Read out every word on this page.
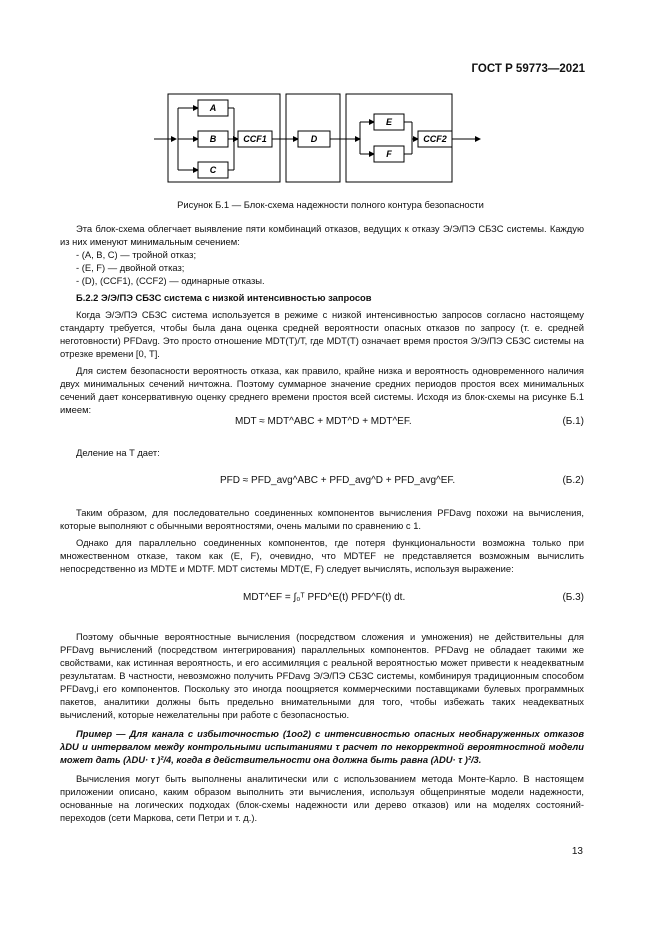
ГОСТ Р 59773—2021
A
B
C
CCF1	D
E
F
CCF2
Рисунок Б.1 — Блок-схема надежности полного контура безопасности

Эта блок-схема облегчает выявление пяти комбинаций отказов, ведущих к отказу Э/Э/ПЭ СБЗС системы. Каждую из них именуют минимальным сечением:

- (A, B, C) — тройной отказ;

- (E, F) — двойной отказ;

- (D), (CCF1), (CCF2) — одинарные отказы.

Б.2.2 Э/Э/ПЭ СБЗС система с низкой интенсивностью запросов

Когда Э/Э/ПЭ СБЗС система используется в режиме с низкой интенсивностью запросов согласно настоящему стандарту требуется, чтобы была дана оценка средней вероятности опасных отказов по запросу (т. е. средней неготовности) PFDavg. Это просто отношение MDT(T)/T, где MDT(T) означает время простоя Э/Э/ПЭ СБЗС системы на отрезке времени [0, T].

Для систем безопасности вероятность отказа, как правило, крайне низка и вероятность одновременного наличия двух минимальных сечений ничтожна. Поэтому суммарное значение средних периодов простоя всех минимальных сечений дает консервативную оценку среднего времени простоя всей системы. Исходя из блок-схемы на рисунке Б.1 имеем:

MDT ≈ MDT^ABC + MDT^D + MDT^EF.	(Б.1)

Деление на T дает:

PFD ≈ PFD_avg^ABC + PFD_avg^D + PFD_avg^EF.	(Б.2)

Таким образом, для последовательно соединенных компонентов вычисления PFDavg похожи на вычисления, которые выполняют с обычными вероятностями, очень малыми по сравнению с 1.

Однако для параллельно соединенных компонентов, где потеря функциональности возможна только при множественном отказе, таком как (E, F), очевидно, что MDTEF не представляется возможным вычислить непосредственно из MDTE и MDTF. MDT системы MDT(E, F) следует вычислять, используя выражение:

MDT^EF = ∫₀ᵀ PFD^E(t) PFD^F(t) dt.	(Б.3)

Поэтому обычные вероятностные вычисления (посредством сложения и умножения) не действительны для PFDavg вычислений (посредством интегрирования) параллельных компонентов. PFDavg не обладает такими же свойствами, как истинная вероятность, и его ассимиляция с реальной вероятностью может привести к неадекватным результатам. В частности, невозможно получить PFDavg Э/Э/ПЭ СБЗС системы, комбинируя традиционным способом PFDavg,i его компонентов. Поскольку это иногда поощряется коммерческими поставщиками булевых программных пакетов, аналитики должны быть предельно внимательными для того, чтобы избежать таких неадекватных вычислений, которые нежелательны при работе с безопасностью.

Пример — Для канала с избыточностью (1oo2) с интенсивностью опасных необнаруженных отказов λDU и интервалом между контрольными испытаниями τ расчет по некорректной вероятностной модели может дать (λDU· τ )²/4, когда в действительности она должна быть равна (λDU· τ )²/3.

Вычисления могут быть выполнены аналитически или с использованием метода Монте-Карло. В настоящем приложении описано, каким образом выполнить эти вычисления, используя общепринятые модели надежности, основанные на логических подходах (блок-схемы надежности или дерево отказов) или на моделях состояний-переходов (сети Маркова, сети Петри и т. д.).

13
